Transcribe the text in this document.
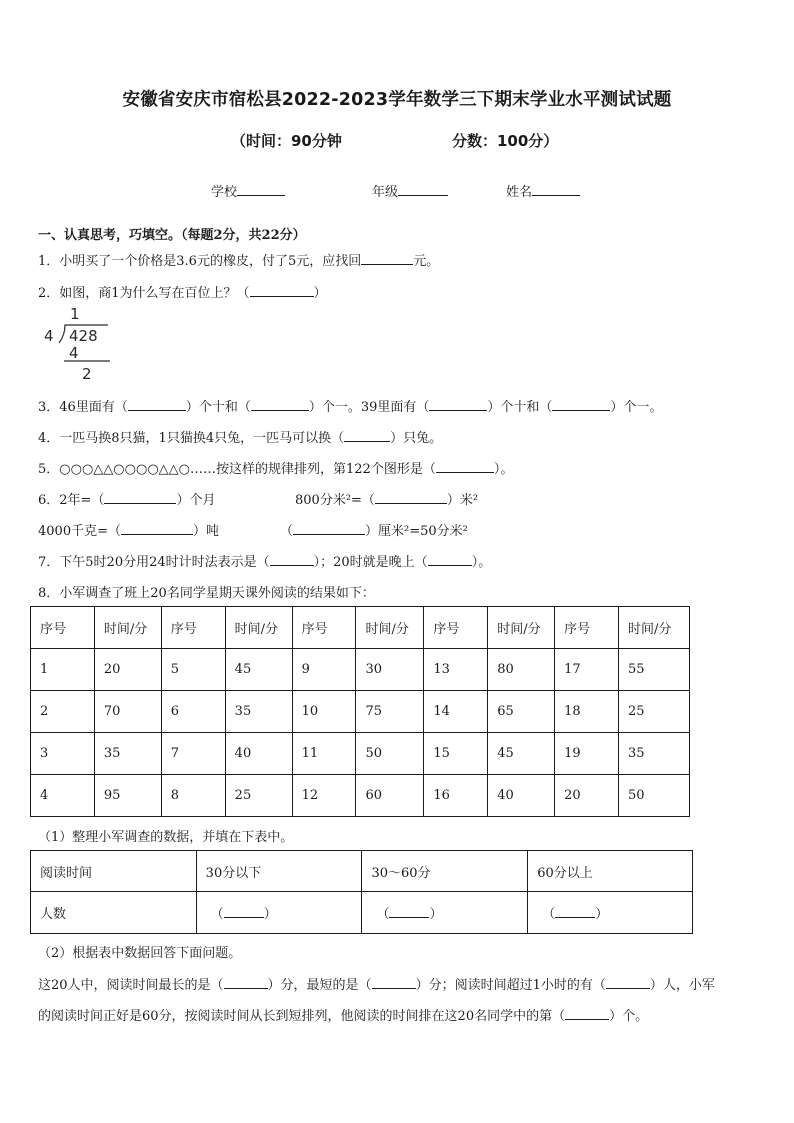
安徽省安庆市宿松县2022-2023学年数学三下期末学业水平测试试题
（时间：90分钟	分数：100分）
学校	年级	姓名
一、认真思考，巧填空。（每题2分，共22分）
1．小明买了一个价格是3.6元的橡皮，付了5元，应找回	元。
2．如图，商1为什么写在百位上？（	）
1
4 428
4
2
3．46里面有（	）个十和（	）个一。39里面有（	）个十和（	）个一。
4．一匹马换8只猫，1只猫换4只兔，一匹马可以换（	）只兔。
5．○○○△△○○○○△△○……按这样的规律排列，第122个图形是（	）。
6．2年=（	）个月	800分米²=（	）米²
4000千克=（	）吨	（	）厘米²=50分米²
7．下午5时20分用24时计时法表示是（	）；20时就是晚上（	）。
8．小军调查了班上20名同学星期天课外阅读的结果如下：
序号	时间/分	序号	时间/分	序号	时间/分	序号	时间/分	序号	时间/分
1	20	5	45	9	30	13	80	17	55
2	70	6	35	10	75	14	65	18	25
3	35	7	40	11	50	15	45	19	35
4	95	8	25	12	60	16	40	20	50
（1）整理小军调查的数据，并填在下表中。
阅读时间	30分以下	30～60分	60分以上
人数	（ ）	（ ）	（ ）
（2）根据表中数据回答下面问题。
这20人中，阅读时间最长的是（	）分，最短的是（	）分；阅读时间超过1小时的有（	）人，小军
的阅读时间正好是60分，按阅读时间从长到短排列，他阅读的时间排在这20名同学中的第（	）个。
